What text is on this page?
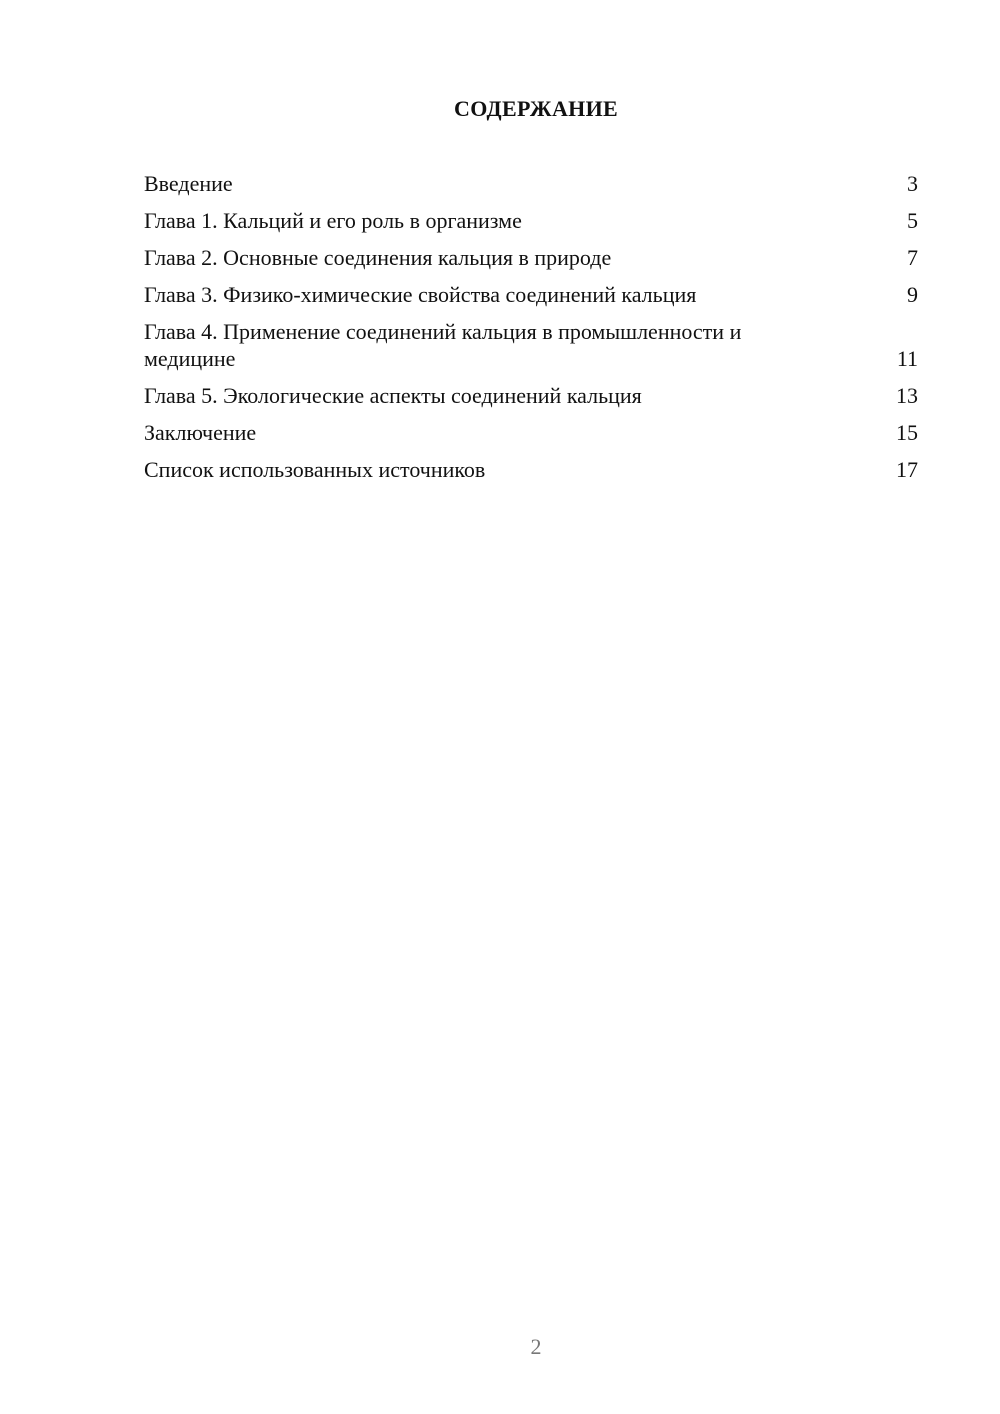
СОДЕРЖАНИЕ
Введение	3
Глава 1. Кальций и его роль в организме	5
Глава 2. Основные соединения кальция в природе	7
Глава 3. Физико-химические свойства соединений кальция	9
Глава 4. Применение соединений кальция в промышленности и медицине	11
Глава 5. Экологические аспекты соединений кальция	13
Заключение	15
Список использованных источников	17
2
